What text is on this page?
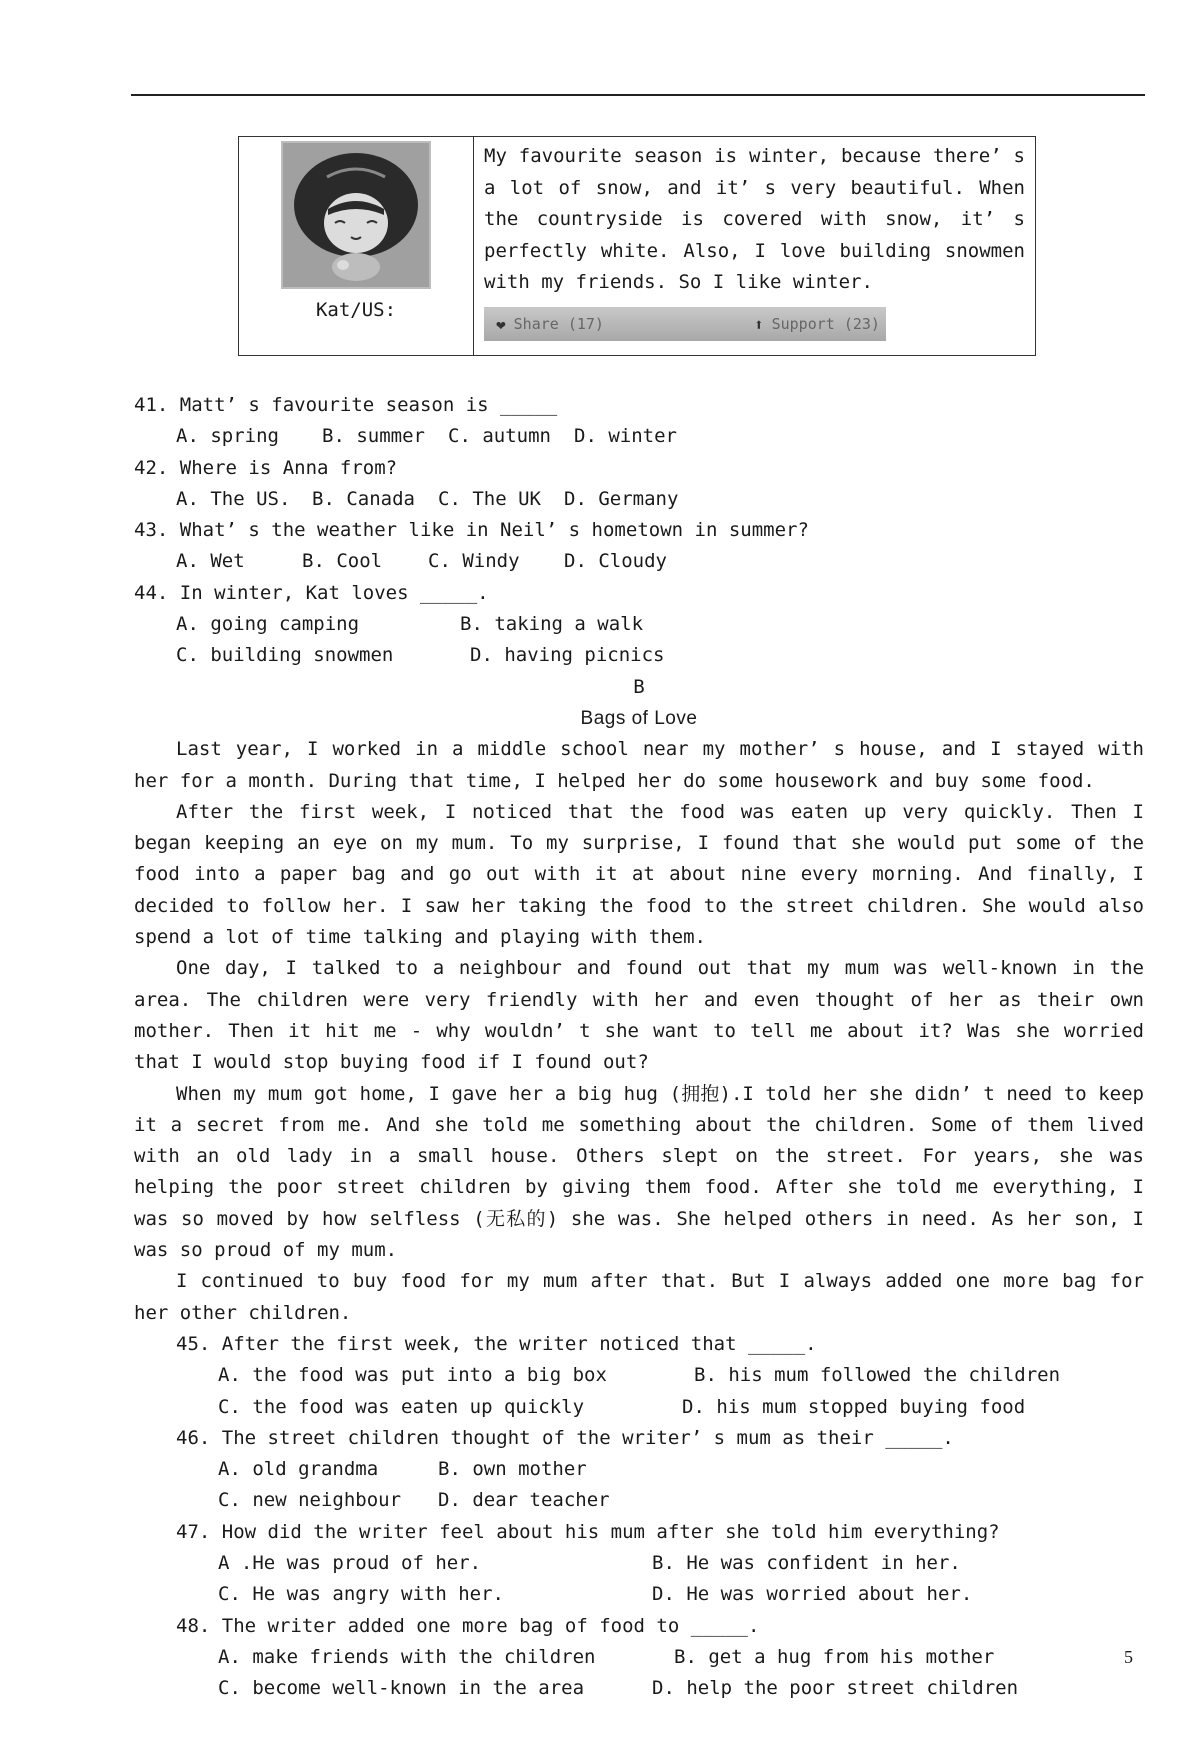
Kat/US:
My favourite season is winter, because there’ s a lot of snow, and it’ s very beautiful. When the countryside is covered with snow, it’ s perfectly white. Also, I love building snowmen with my friends. So I like winter.
❤ Share (17)	⬆ Support (23)
41. Matt’ s favourite season is _____
A. spring B. summer C. autumn D. winter
42. Where is Anna from?
A. The US. B. Canada C. The UK D. Germany
43. What’ s the weather like in Neil’ s hometown in summer?
A. Wet	B. Cool C. Windy D. Cloudy
44. In winter, Kat loves _____.
A. going camping	B. taking a walk
C. building snowmen	D. having picnics
B
Bags of Love

Last year, I worked in a middle school near my mother’ s house, and I stayed with her for a month. During that time, I helped her do some housework and buy some food.

After the first week, I noticed that the food was eaten up very quickly. Then I began keeping an eye on my mum. To my surprise, I found that she would put some of the food into a paper bag and go out with it at about nine every morning. And finally, I decided to follow her. I saw her taking the food to the street children. She would also spend a lot of time talking and playing with them.

One day, I talked to a neighbour and found out that my mum was well-known in the area. The children were very friendly with her and even thought of her as their own mother. Then it hit me - why wouldn’ t she want to tell me about it? Was she worried that I would stop buying food if I found out?

When my mum got home, I gave her a big hug (拥抱).I told her she didn’ t need to keep it a secret from me. And she told me something about the children. Some of them lived with an old lady in a small house. Others slept on the street. For years, she was helping the poor street children by giving them food. After she told me everything, I was so moved by how selfless (无私的) she was. She helped others in need. As her son, I was so proud of my mum.

I continued to buy food for my mum after that. But I always added one more bag for her other children.

45. After the first week, the writer noticed that _____.
A. the food was put into a big box	B. his mum followed the children
C. the food was eaten up quickly	D. his mum stopped buying food
46. The street children thought of the writer’ s mum as their _____.
A. old grandma	B. own mother
C. new neighbour D. dear teacher
47. How did the writer feel about his mum after she told him everything?
A .He was proud of her.	B. He was confident in her.
C. He was angry with her.	D. He was worried about her.
48. The writer added one more bag of food to _____.
A. make friends with the children	B. get a hug from his mother
C. become well-known in the area	D. help the poor street children
5
